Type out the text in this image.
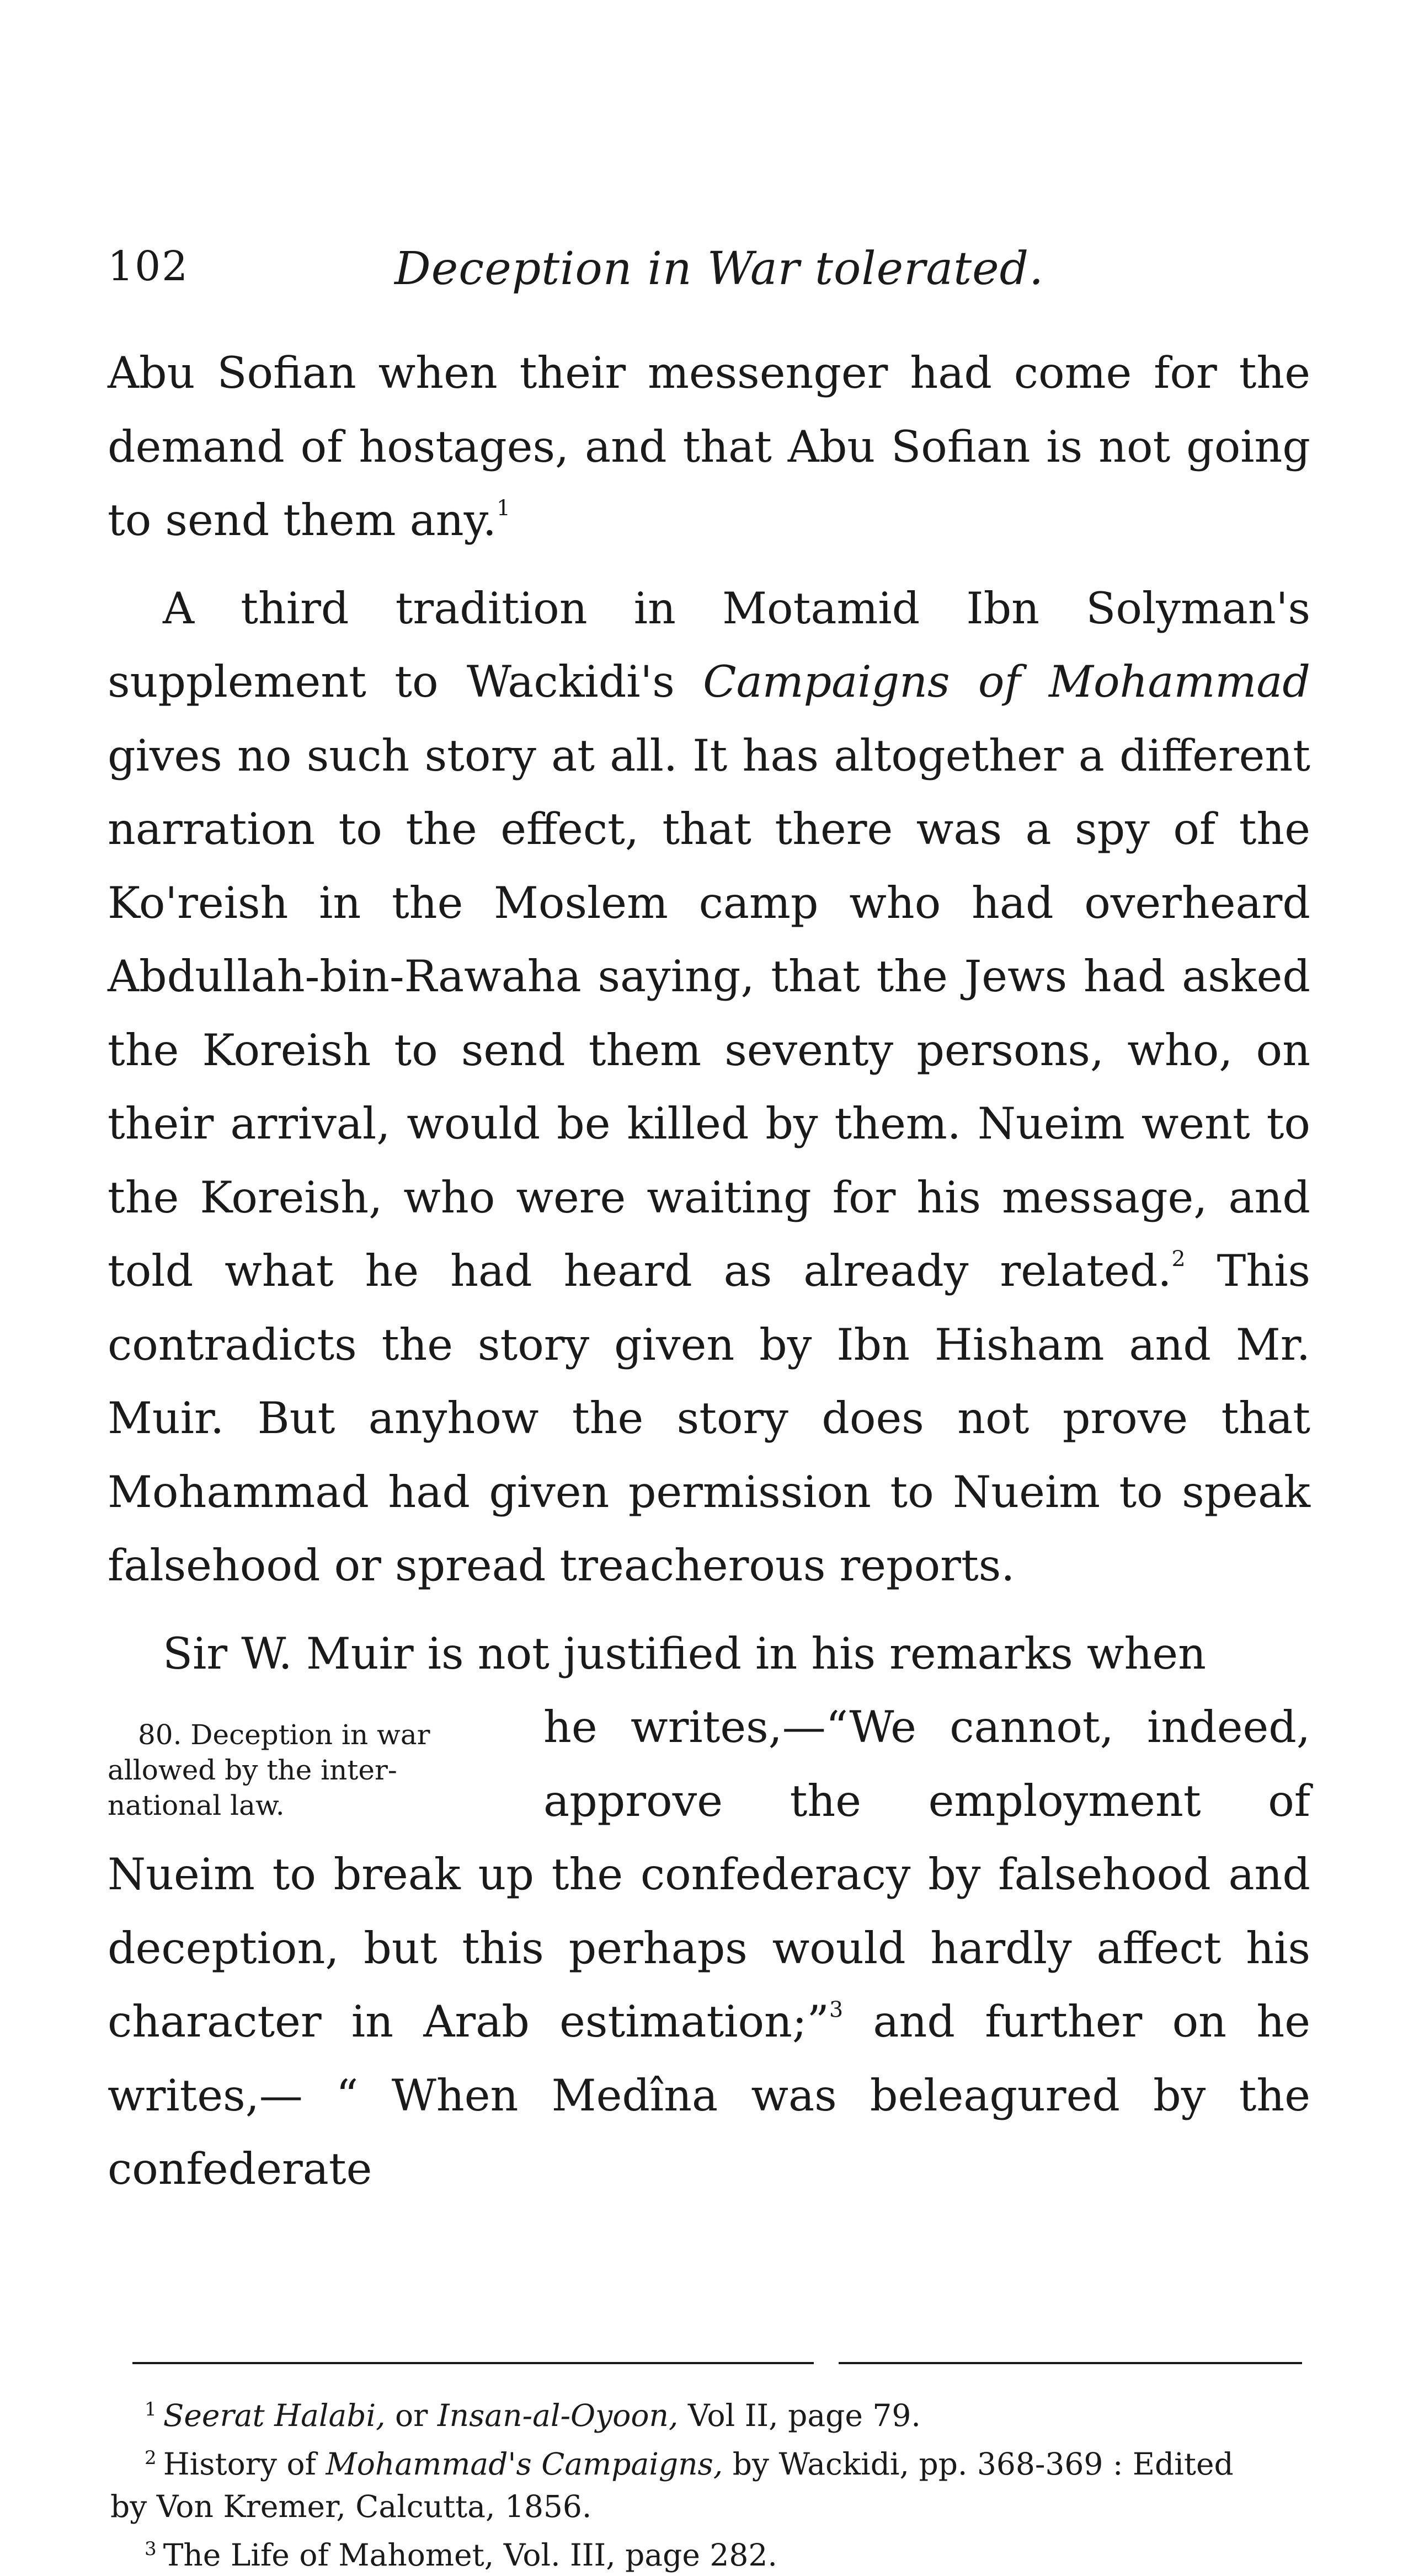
102	Deception in War tolerated.

Abu Sofian when their messenger had come for the demand of hostages, and that Abu Sofian is not going to send them any.$^1$

A third tradition in Motamid Ibn Solyman's supplement to Wackidi's Campaigns of Mohammad gives no such story at all. It has altogether a different narration to the effect, that there was a spy of the Ko'reish in the Moslem camp who had overheard Abdullah-bin-Rawaha saying, that the Jews had asked the Koreish to send them seventy persons, who, on their arrival, would be killed by them. Nueim went to the Koreish, who were waiting for his message, and told what he had heard as already related.$^2$ This contradicts the story given by Ibn Hisham and Mr. Muir. But anyhow the story does not prove that Mohammad had given permission to Nueim to speak falsehood or spread treacherous reports.

Sir W. Muir is not justified in his remarks when

80. Deception in war
allowed by the inter-
national law.

he writes,—“We cannot, indeed, approve the employment of Nueim to break up the confederacy by falsehood and deception, but this perhaps would hardly affect his character in Arab estimation;”$^3$ and further on he writes,— “ When Medîna was beleagured by the confederate

$^1$ Seerat Halabi, or Insan-al-Oyoon, Vol II, page 79.

$^2$ History of Mohammad's Campaigns, by Wackidi, pp. 368-369 : Edited

by Von Kremer, Calcutta, 1856.

$^3$ The Life of Mahomet, Vol. III, page 282.
